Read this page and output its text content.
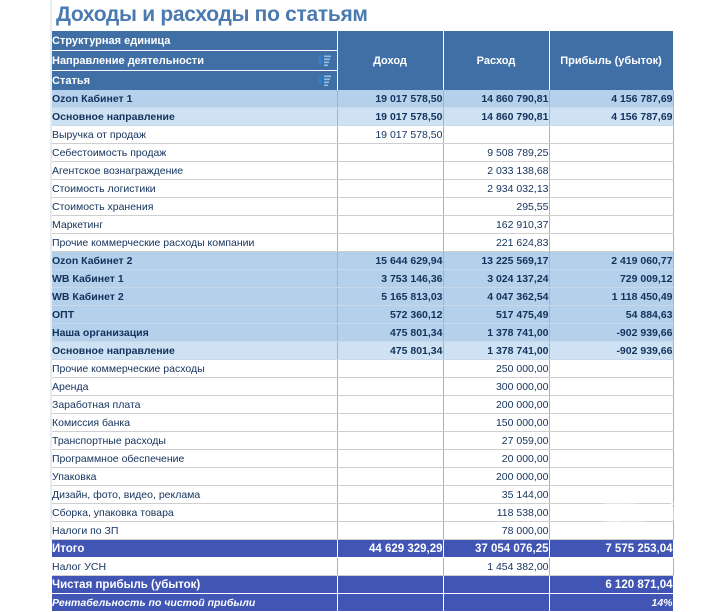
Доходы и расходы по статьям
Структурная единица	Доход	Расход	Прибыль (убыток)
Направление деятельности			

Статья			

Ozon Кабинет 1	19 017 578,50	14 860 790,81	4 156 787,69
Основное направление	19 017 578,50	14 860 790,81	4 156 787,69
Выручка от продаж	19 017 578,50		
Себестоимость продаж		9 508 789,25	
Агентское вознаграждение		2 033 138,68	
Стоимость логистики		2 934 032,13	
Стоимость хранения		295,55	
Маркетинг		162 910,37	
Прочие коммерческие расходы компании		221 624,83	
Ozon Кабинет 2	15 644 629,94	13 225 569,17	2 419 060,77
WB Кабинет 1	3 753 146,36	3 024 137,24	729 009,12
WB Кабинет 2	5 165 813,03	4 047 362,54	1 118 450,49
ОПТ	572 360,12	517 475,49	54 884,63
Наша организация	475 801,34	1 378 741,00	-902 939,66
Основное направление	475 801,34	1 378 741,00	-902 939,66
Прочие коммерческие расходы		250 000,00	
Аренда		300 000,00	
Заработная плата		200 000,00	
Комиссия банка		150 000,00	
Транспортные расходы		27 059,00	
Программное обеспечение		20 000,00	
Упаковка		200 000,00	
Дизайн, фото, видео, реклама		35 144,00	
Сборка, упаковка товара		118 538,00	
Налоги по ЗП		78 000,00	
Итого	44 629 329,29	37 054 076,25	7 575 253,04
Налог УСН		1 454 382,00	
Чистая прибыль (убыток)			6 120 871,04
Рентабельность по чистой прибыли			14%
avito
